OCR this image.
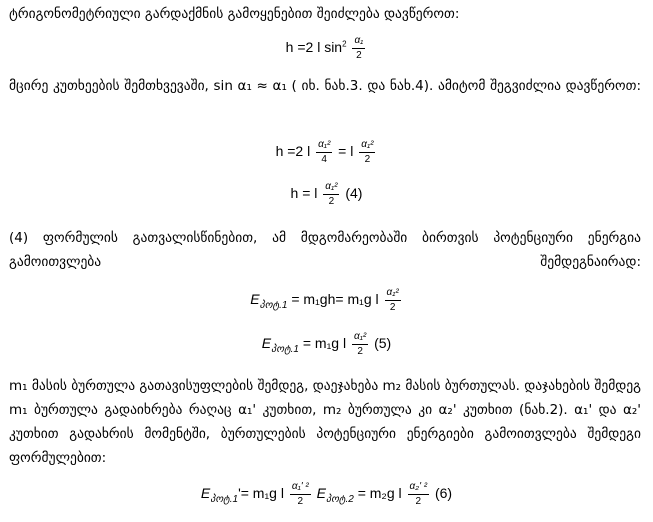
ტრიგონომეტრიული გარდაქმნის გამოყენებით შეიძლება დავწეროთ:
h =2 l $\sin^2 \frac{\text{α₁}}{2}$
მცირე კუთხეების შემთხვევაში, sin α₁ ≈ α₁ ( იხ. ნახ.3. და ნახ.4). ამიტომ შეგვიძლია დავწეროთ:
h =2 l $\frac{\text{α₁²}}{4} = l \frac{\text{α₁²}}{2}$
h = l $\frac{\text{α₁²}}{2} (4)$
(4) ფორმულის გათვალისწინებით, ამ მდგომარეობაში ბირთვის პოტენციური ენერგია გამოითვლება შემდეგნაირად:
$E_{პოტ.1} = m_1gh= m_1g$ l $\frac{\text{α₁²}}{2}$
$E_{პოტ.1} = m_1g$ l $\frac{\text{α₁²}}{2} (5)$
m₁ მასის ბურთულა გათავისუფლების შემდეგ, დაეჯახება m₂ მასის ბურთულას. დაჯახების შემდეგ m₁ ბურთულა გადაიხრება რაღაც α₁' კუთხით, m₂ ბურთულა კი α₂' კუთხით (ნახ.2). α₁' და α₂' კუთხით გადახრის მომენტში, ბურთულების პოტენციური ენერგიები გამოითვლება შემდეგი ფორმულებით:
$E_{პოტ.1}'= m_1g$ l $\frac{\text{α₁' ²}}{2} E_{პოტ.2} = m_2g$ l $\frac{\text{α₂' ²}}{2} (6)$
